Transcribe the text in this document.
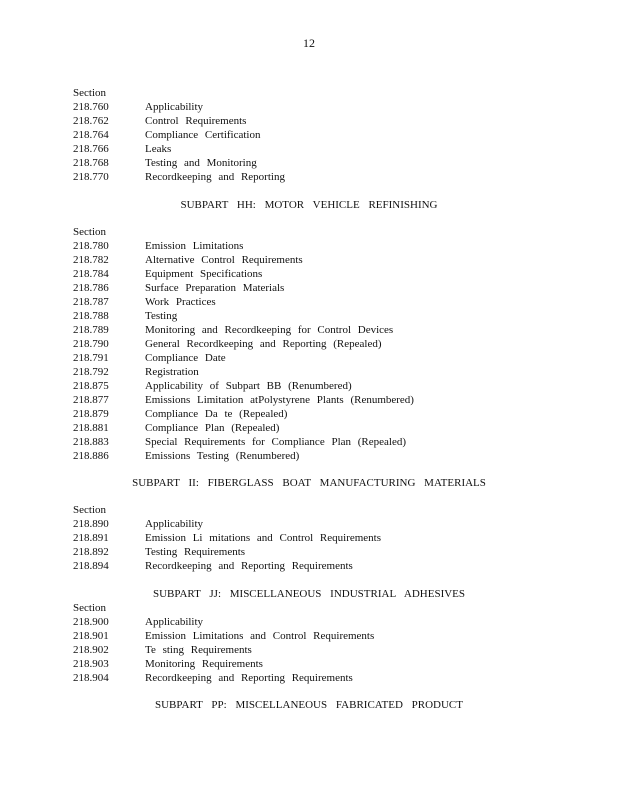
12
Section
218.760	Applicability
218.762	Control Requirements
218.764	Compliance Certification
218.766	Leaks
218.768	Testing and Monitoring
218.770	Recordkeeping and Reporting
SUBPART HH: MOTOR VEHICLE REFINISHING
Section
218.780	Emission Limitations
218.782	Alternative Control Requirements
218.784	Equipment Specifications
218.786	Surface Preparation Materials
218.787	Work Practices
218.788	Testing
218.789	Monitoring and Recordkeeping for Control Devices
218.790	General Recordkeeping and Reporting (Repealed)
218.791	Compliance Date
218.792	Registration
218.875	Applicability of Subpart BB (Renumbered)
218.877	Emissions Limitation atPolystyrene Plants (Renumbered)
218.879	Compliance Da te (Repealed)
218.881	Compliance Plan (Repealed)
218.883	Special Requirements for Compliance Plan (Repealed)
218.886	Emissions Testing (Renumbered)
SUBPART II: FIBERGLASS BOAT MANUFACTURING MATERIALS
Section
218.890	Applicability
218.891	Emission Li mitations and Control Requirements
218.892	Testing Requirements
218.894	Recordkeeping and Reporting Requirements
SUBPART JJ: MISCELLANEOUS INDUSTRIAL ADHESIVES
Section
218.900	Applicability
218.901	Emission Limitations and Control Requirements
218.902	Te sting Requirements
218.903	Monitoring Requirements
218.904	Recordkeeping and Reporting Requirements
SUBPART PP: MISCELLANEOUS FABRICATED PRODUCT
